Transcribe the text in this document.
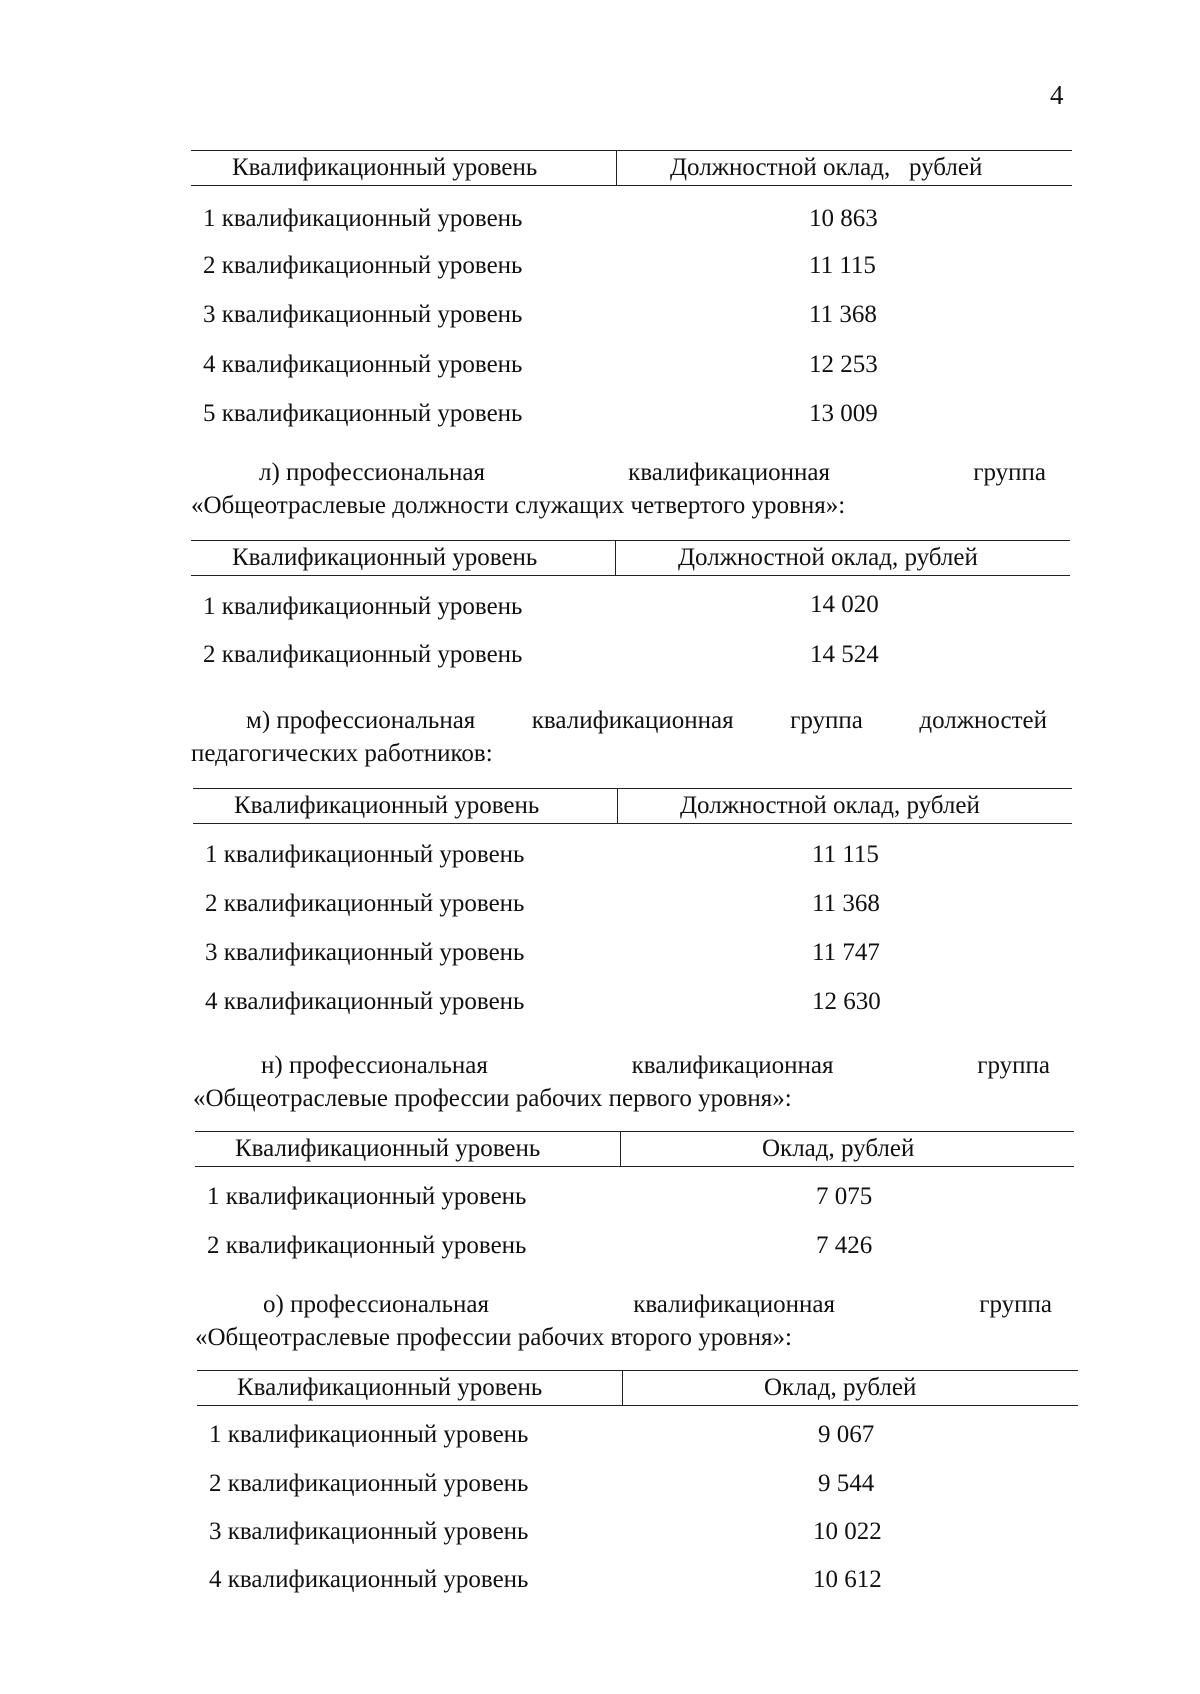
4
Квалификационный уровень	Должностной оклад,   рублей
1 квалификационный уровень	10 863
2 квалификационный уровень	11 115
3 квалификационный уровень	11 368
4 квалификационный уровень	12 253
5 квалификационный уровень	13 009
л) профессиональная	квалификационная	группа
«Общеотраслевые должности служащих четвертого уровня»:
Квалификационный уровень	Должностной оклад, рублей
1 квалификационный уровень	14 020
2 квалификационный уровень	14 524
м) профессиональная квалификационная группа должностей
педагогических работников:
Квалификационный уровень	Должностной оклад, рублей
1 квалификационный уровень	11 115
2 квалификационный уровень	11 368
3 квалификационный уровень	11 747
4 квалификационный уровень	12 630
н) профессиональная	квалификационная	группа
«Общеотраслевые профессии рабочих первого уровня»:
Квалификационный уровень	Оклад, рублей
1 квалификационный уровень	7 075
2 квалификационный уровень	7 426
о) профессиональная	квалификационная	группа
«Общеотраслевые профессии рабочих второго уровня»:
Квалификационный уровень	Оклад, рублей
1 квалификационный уровень	9 067
2 квалификационный уровень	9 544
3 квалификационный уровень	10 022
4 квалификационный уровень	10 612
